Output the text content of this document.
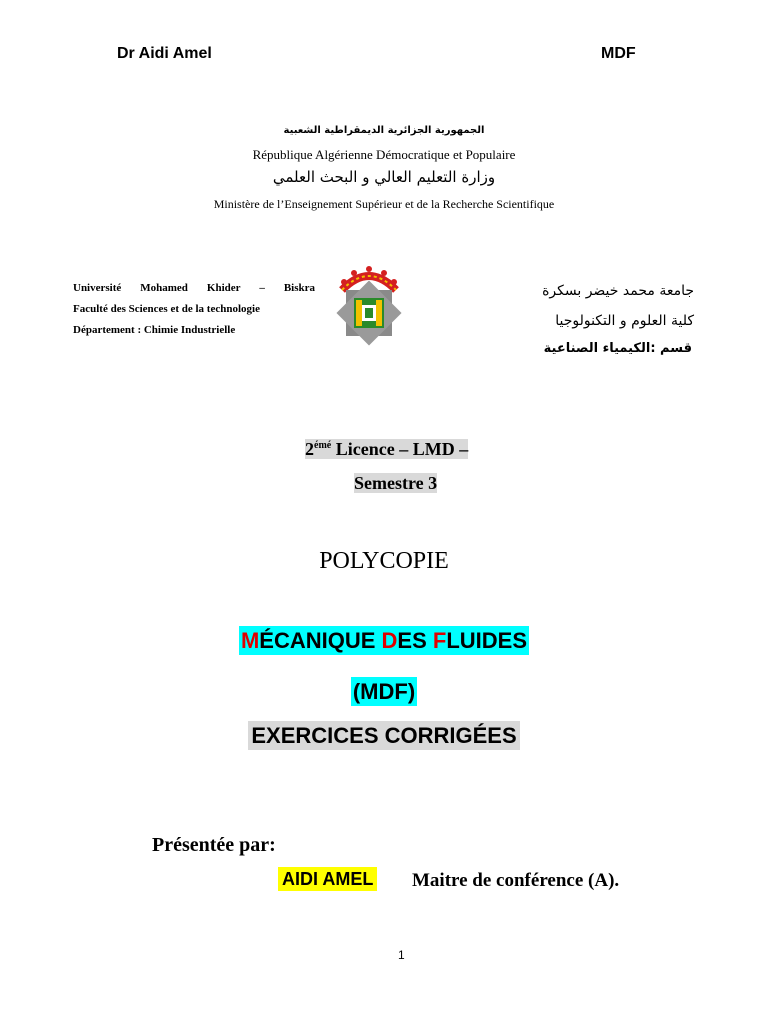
Dr Aidi Amel	MDF
الجمهورية الجزائرية الديمقراطية الشعبية
République Algérienne Démocratique et Populaire
وزارة التعليم العالي و البحث العلمي
Ministère de l’Enseignement Supérieur et de la Recherche Scientifique
Université Mohamed Khider – Biskra
Faculté des Sciences et de la technologie
Département : Chimie Industrielle
جامعة محمد خيضر بسكرة
كلية العلوم و التكنولوجيا
قسم :الكيمياء الصناعية
$2^{émé}$ Licence – LMD –
Semestre 3
POLYCOPIE
MÉCANIQUE DES FLUIDES
(MDF)
EXERCICES CORRIGÉES
Présentée par:
AIDI AMEL Maitre de conférence (A).
1
